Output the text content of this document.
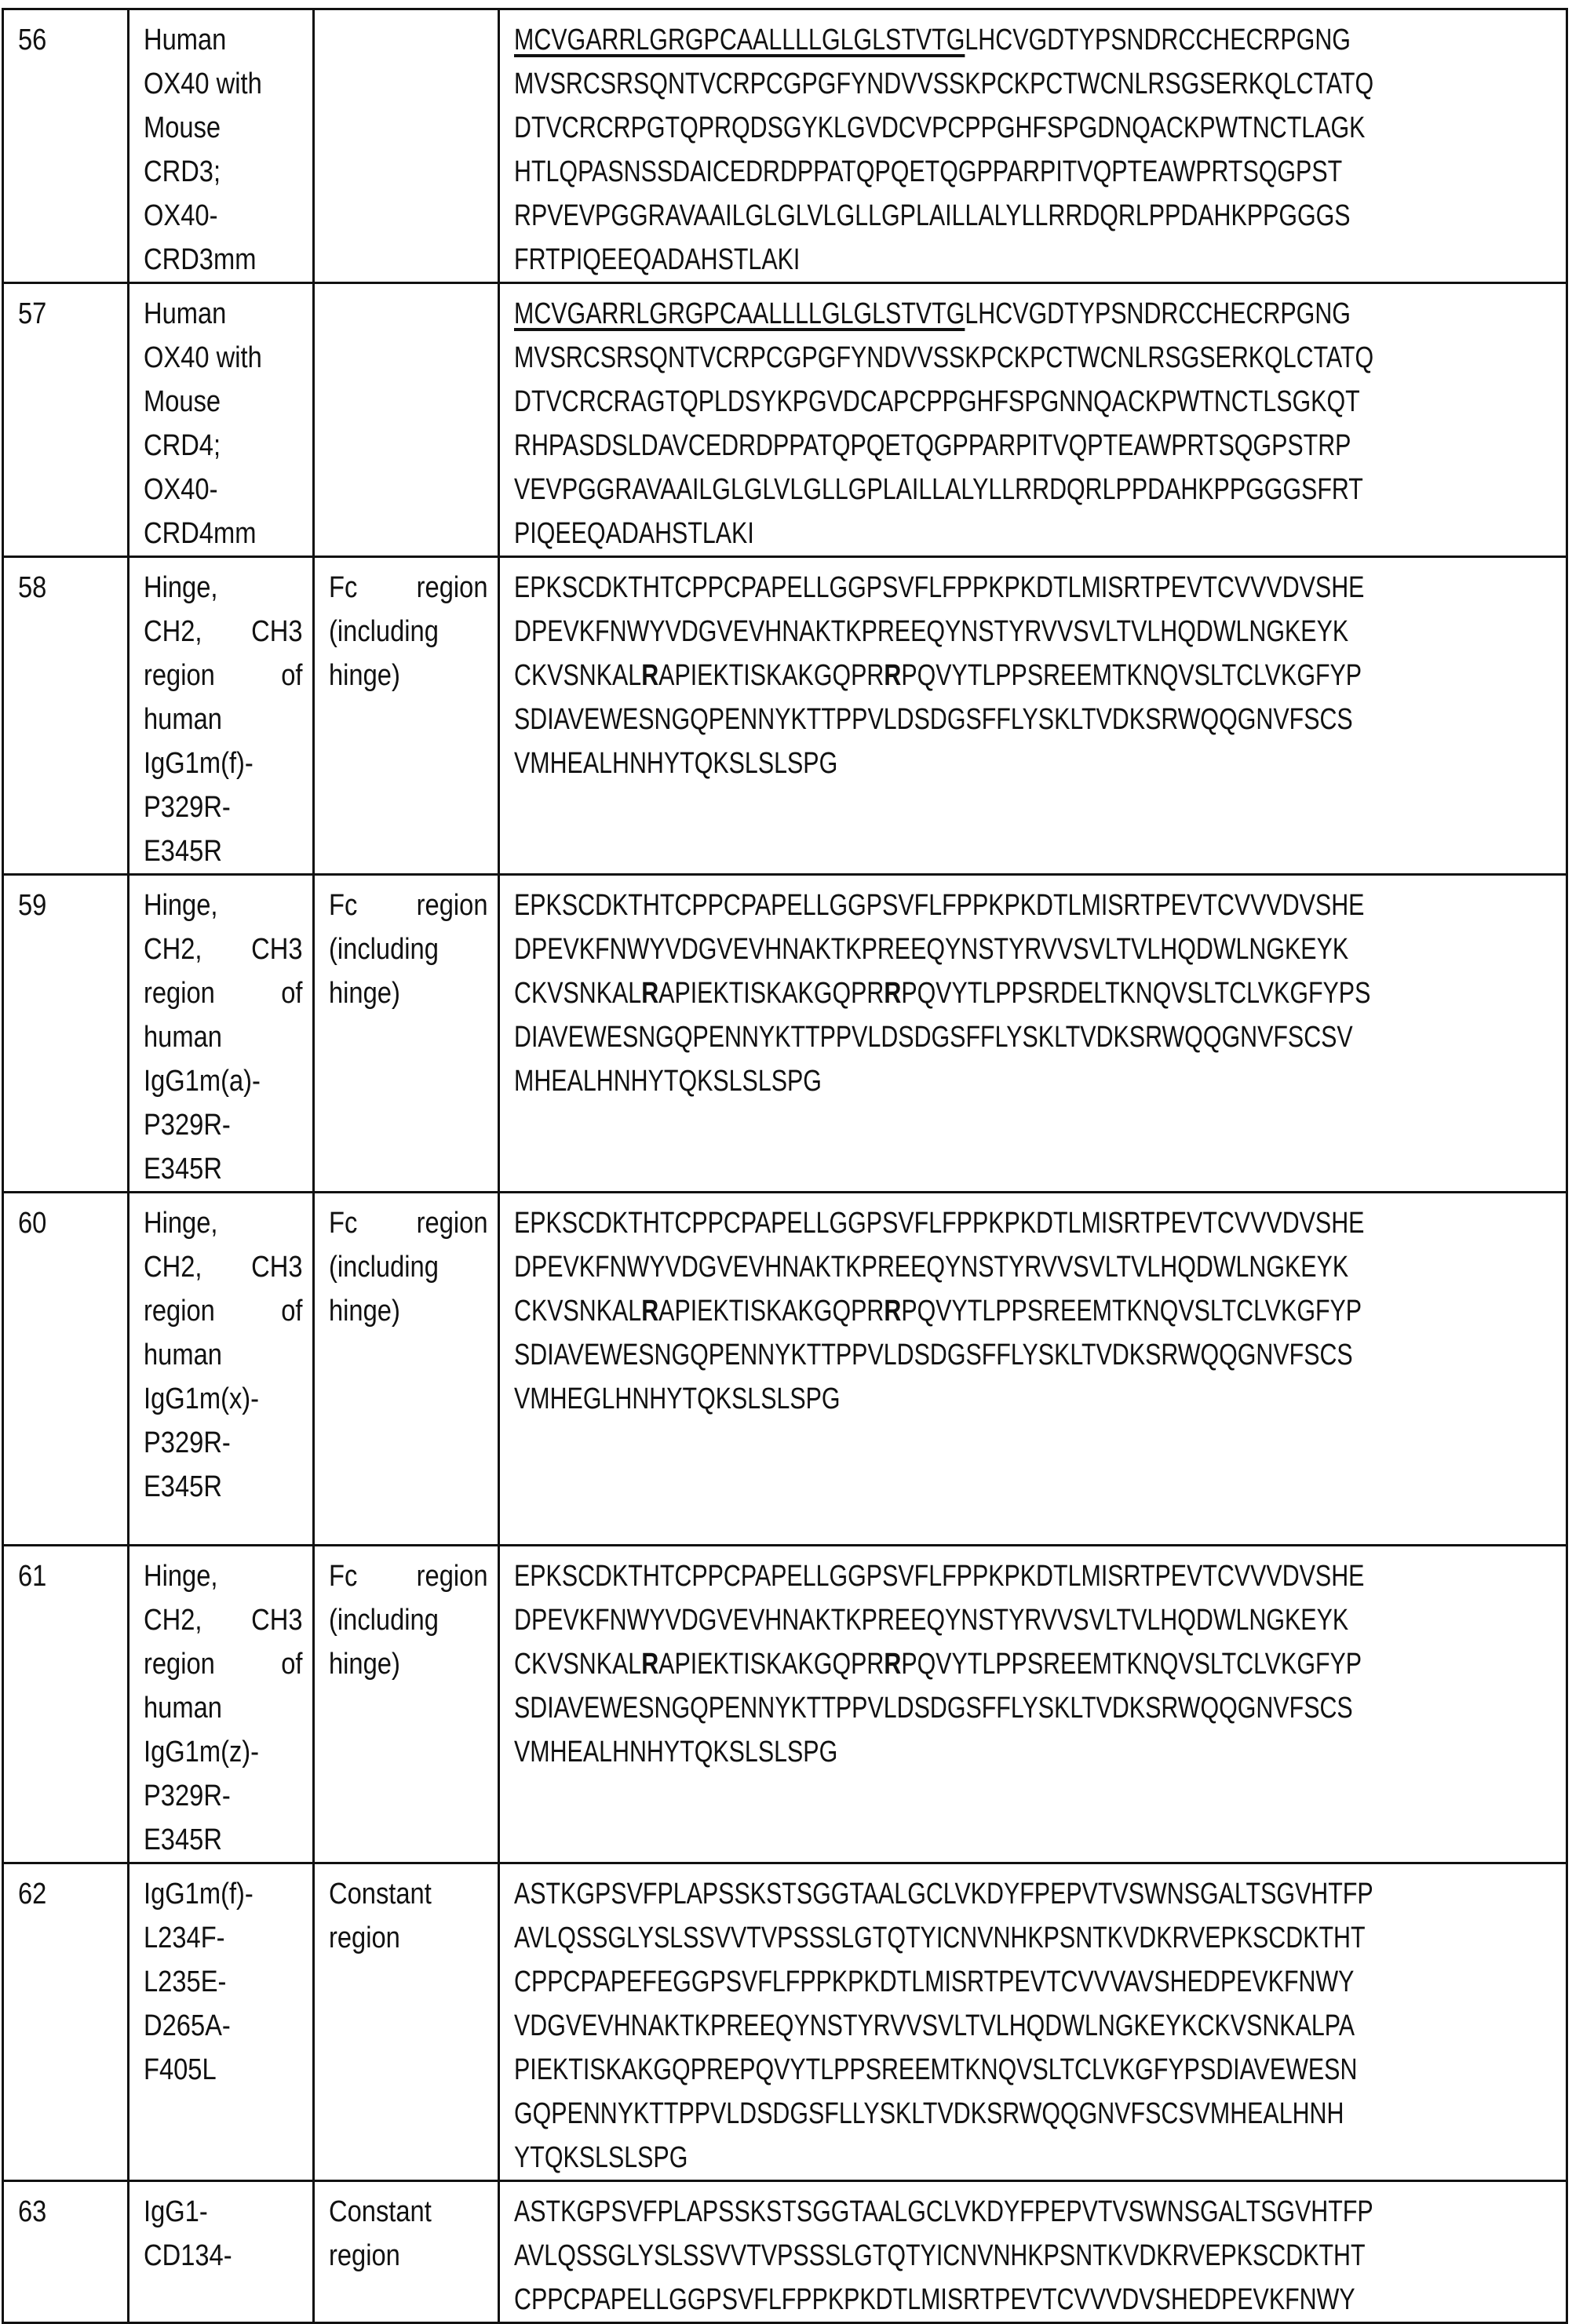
56	Human
OX40 with
Mouse
CRD3;
OX40-
CRD3mm

MCVGARRLGRGPCAALLLLGLGLSTVTGLHCVGDTYPSNDRCCHECRPGNG
MVSRCSRSQNTVCRPCGPGFYNDVVSSKPCKPCTWCNLRSGSERKQLCTATQ
DTVCRCRPGTQPRQDSGYKLGVDCVPCPPGHFSPGDNQACKPWTNCTLAGK
HTLQPASNSSDAICEDRDPPATQPQETQGPPARPITVQPTEAWPRTSQGPST
RPVEVPGGRAVAAILGLGLVLGLLGPLAILLALYLLRRDQRLPPDAHKPPGGGS
FRTPIQEEQADAHSTLAKI

57	Human
OX40 with
Mouse
CRD4;
OX40-
CRD4mm

MCVGARRLGRGPCAALLLLGLGLSTVTGLHCVGDTYPSNDRCCHECRPGNG
MVSRCSRSQNTVCRPCGPGFYNDVVSSKPCKPCTWCNLRSGSERKQLCTATQ
DTVCRCRAGTQPLDSYKPGVDCAPCPPGHFSPGNNQACKPWTNCTLSGKQT
RHPASDSLDAVCEDRDPPATQPQETQGPPARPITVQPTEAWPRTSQGPSTRP
VEVPGGRAVAAILGLGLVLGLLGPLAILLALYLLRRDQRLPPDAHKPPGGGSFRT
PIQEEQADAHSTLAKI

58	Hinge,
CH2, CH3
region of
human
IgG1m(f)-
P329R-
E345R

Fc region
(including
hinge)

EPKSCDKTHTCPPCPAPELLGGPSVFLFPPKPKDTLMISRTPEVTCVVVDVSHE
DPEVKFNWYVDGVEVHNAKTKPREEQYNSTYRVVSVLTVLHQDWLNGKEYK
CKVSNKALRAPIEKTISKAKGQPRRPQVYTLPPSREEMTKNQVSLTCLVKGFYP
SDIAVEWESNGQPENNYKTTPPVLDSDGSFFLYSKLTVDKSRWQQGNVFSCS
VMHEALHNHYTQKSLSLSPG

59	Hinge,
CH2, CH3
region of
human
IgG1m(a)-
P329R-
E345R

Fc region
(including
hinge)

EPKSCDKTHTCPPCPAPELLGGPSVFLFPPKPKDTLMISRTPEVTCVVVDVSHE
DPEVKFNWYVDGVEVHNAKTKPREEQYNSTYRVVSVLTVLHQDWLNGKEYK
CKVSNKALRAPIEKTISKAKGQPRRPQVYTLPPSRDELTKNQVSLTCLVKGFYPS
DIAVEWESNGQPENNYKTTPPVLDSDGSFFLYSKLTVDKSRWQQGNVFSCSV
MHEALHNHYTQKSLSLSPG

60	Hinge,
CH2, CH3
region of
human
IgG1m(x)-
P329R-
E345R

Fc region
(including
hinge)

EPKSCDKTHTCPPCPAPELLGGPSVFLFPPKPKDTLMISRTPEVTCVVVDVSHE
DPEVKFNWYVDGVEVHNAKTKPREEQYNSTYRVVSVLTVLHQDWLNGKEYK
CKVSNKALRAPIEKTISKAKGQPRRPQVYTLPPSREEMTKNQVSLTCLVKGFYP
SDIAVEWESNGQPENNYKTTPPVLDSDGSFFLYSKLTVDKSRWQQGNVFSCS
VMHEGLHNHYTQKSLSLSPG

61	Hinge,
CH2, CH3
region of
human
IgG1m(z)-
P329R-
E345R

Fc region
(including
hinge)

EPKSCDKTHTCPPCPAPELLGGPSVFLFPPKPKDTLMISRTPEVTCVVVDVSHE
DPEVKFNWYVDGVEVHNAKTKPREEQYNSTYRVVSVLTVLHQDWLNGKEYK
CKVSNKALRAPIEKTISKAKGQPRRPQVYTLPPSREEMTKNQVSLTCLVKGFYP
SDIAVEWESNGQPENNYKTTPPVLDSDGSFFLYSKLTVDKSRWQQGNVFSCS
VMHEALHNHYTQKSLSLSPG

62	IgG1m(f)-
L234F-
L235E-
D265A-
F405L

Constant
region

ASTKGPSVFPLAPSSKSTSGGTAALGCLVKDYFPEPVTVSWNSGALTSGVHTFP
AVLQSSGLYSLSSVVTVPSSSLGTQTYICNVNHKPSNTKVDKRVEPKSCDKTHT
CPPCPAPEFEGGPSVFLFPPKPKDTLMISRTPEVTCVVVAVSHEDPEVKFNWY
VDGVEVHNAKTKPREEQYNSTYRVVSVLTVLHQDWLNGKEYKCKVSNKALPA
PIEKTISKAKGQPREPQVYTLPPSREEMTKNQVSLTCLVKGFYPSDIAVEWESN
GQPENNYKTTPPVLDSDGSFLLYSKLTVDKSRWQQGNVFSCSVMHEALHNH
YTQKSLSLSPG

63	IgG1-
CD134-

Constant
region

ASTKGPSVFPLAPSSKSTSGGTAALGCLVKDYFPEPVTVSWNSGALTSGVHTFP
AVLQSSGLYSLSSVVTVPSSSLGTQTYICNVNHKPSNTKVDKRVEPKSCDKTHT
CPPCPAPELLGGPSVFLFPPKPKDTLMISRTPEVTCVVVDVSHEDPEVKFNWY
